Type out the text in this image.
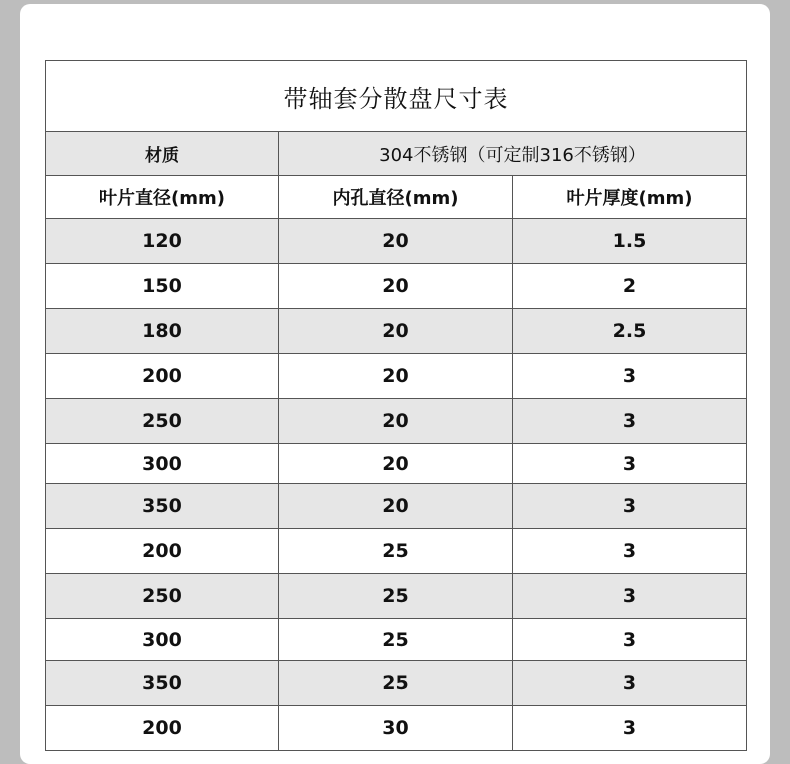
带轴套分散盘尺寸表		
材质	304不锈钢（可定制316不锈钢）	
叶片直径(mm)	内孔直径(mm)	叶片厚度(mm)
120	20	1.5
150	20	2
180	20	2.5
200	20	3
250	20	3
300	20	3
350	20	3
200	25	3
250	25	3
300	25	3
350	25	3
200	30	3
